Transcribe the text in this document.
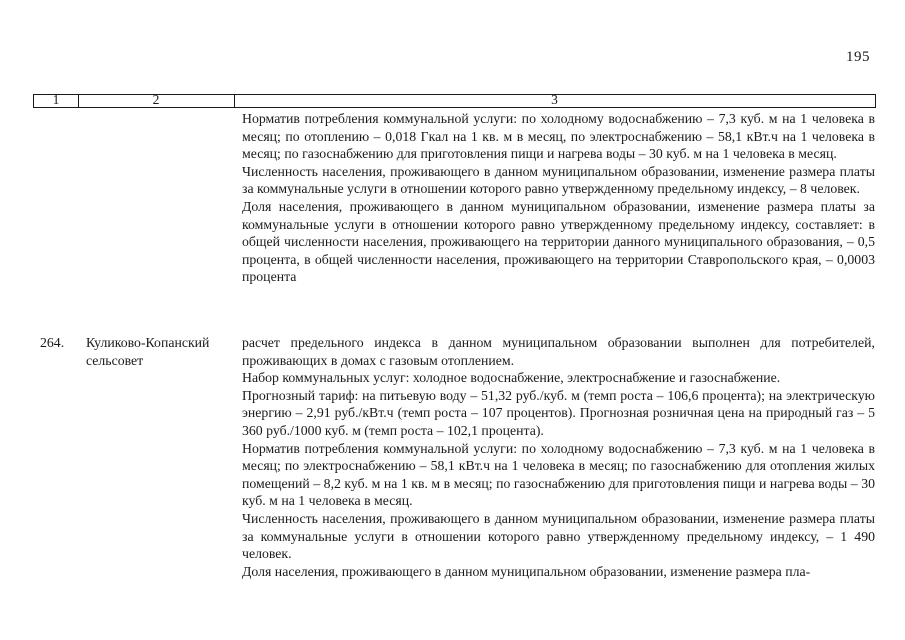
195
1	2	3

Норматив потребления коммунальной услуги: по холодному водоснабжению – 7,3 куб. м на 1 человека в месяц; по отоплению – 0,018 Гкал на 1 кв. м в месяц, по электроснабжению – 58,1 кВт.ч на 1 человека в месяц; по газоснабжению для приготовления пищи и нагрева воды – 30 куб. м на 1 человека в месяц.

Численность населения, проживающего в данном муниципальном образовании, изменение размера платы за коммунальные услуги в отношении которого равно утвержденному предельному индексу, – 8 человек.

Доля населения, проживающего в данном муниципальном образовании, изменение размера платы за коммунальные услуги в отношении которого равно утвержденному предельному индексу, составляет: в общей численности населения, проживающего на территории данного муниципального образования, – 0,5 процента, в общей численности населения, проживающего на территории Ставропольского края, – 0,0003 процента

264. Куликово-Копанский
сельсовет

расчет предельного индекса в данном муниципальном образовании выполнен для потребителей, проживающих в домах с газовым отоплением.

Набор коммунальных услуг: холодное водоснабжение, электроснабжение и газоснабжение.

Прогнозный тариф: на питьевую воду – 51,32 руб./куб. м (темп роста – 106,6 процента); на электрическую энергию – 2,91 руб./кВт.ч (темп роста – 107 процентов). Прогнозная розничная цена на природный газ – 5 360 руб./1000 куб. м (темп роста – 102,1 процента).

Норматив потребления коммунальной услуги: по холодному водоснабжению – 7,3 куб. м на 1 человека в месяц; по электроснабжению – 58,1 кВт.ч на 1 человека в месяц; по газоснабжению для отопления жилых помещений – 8,2 куб. м на 1 кв. м в месяц; по газоснабжению для приготовления пищи и нагрева воды – 30 куб. м на 1 человека в месяц.

Численность населения, проживающего в данном муниципальном образовании, изменение размера платы за коммунальные услуги в отношении которого равно утвержденному предельному индексу, – 1 490 человек.

Доля населения, проживающего в данном муниципальном образовании, изменение размера пла-
